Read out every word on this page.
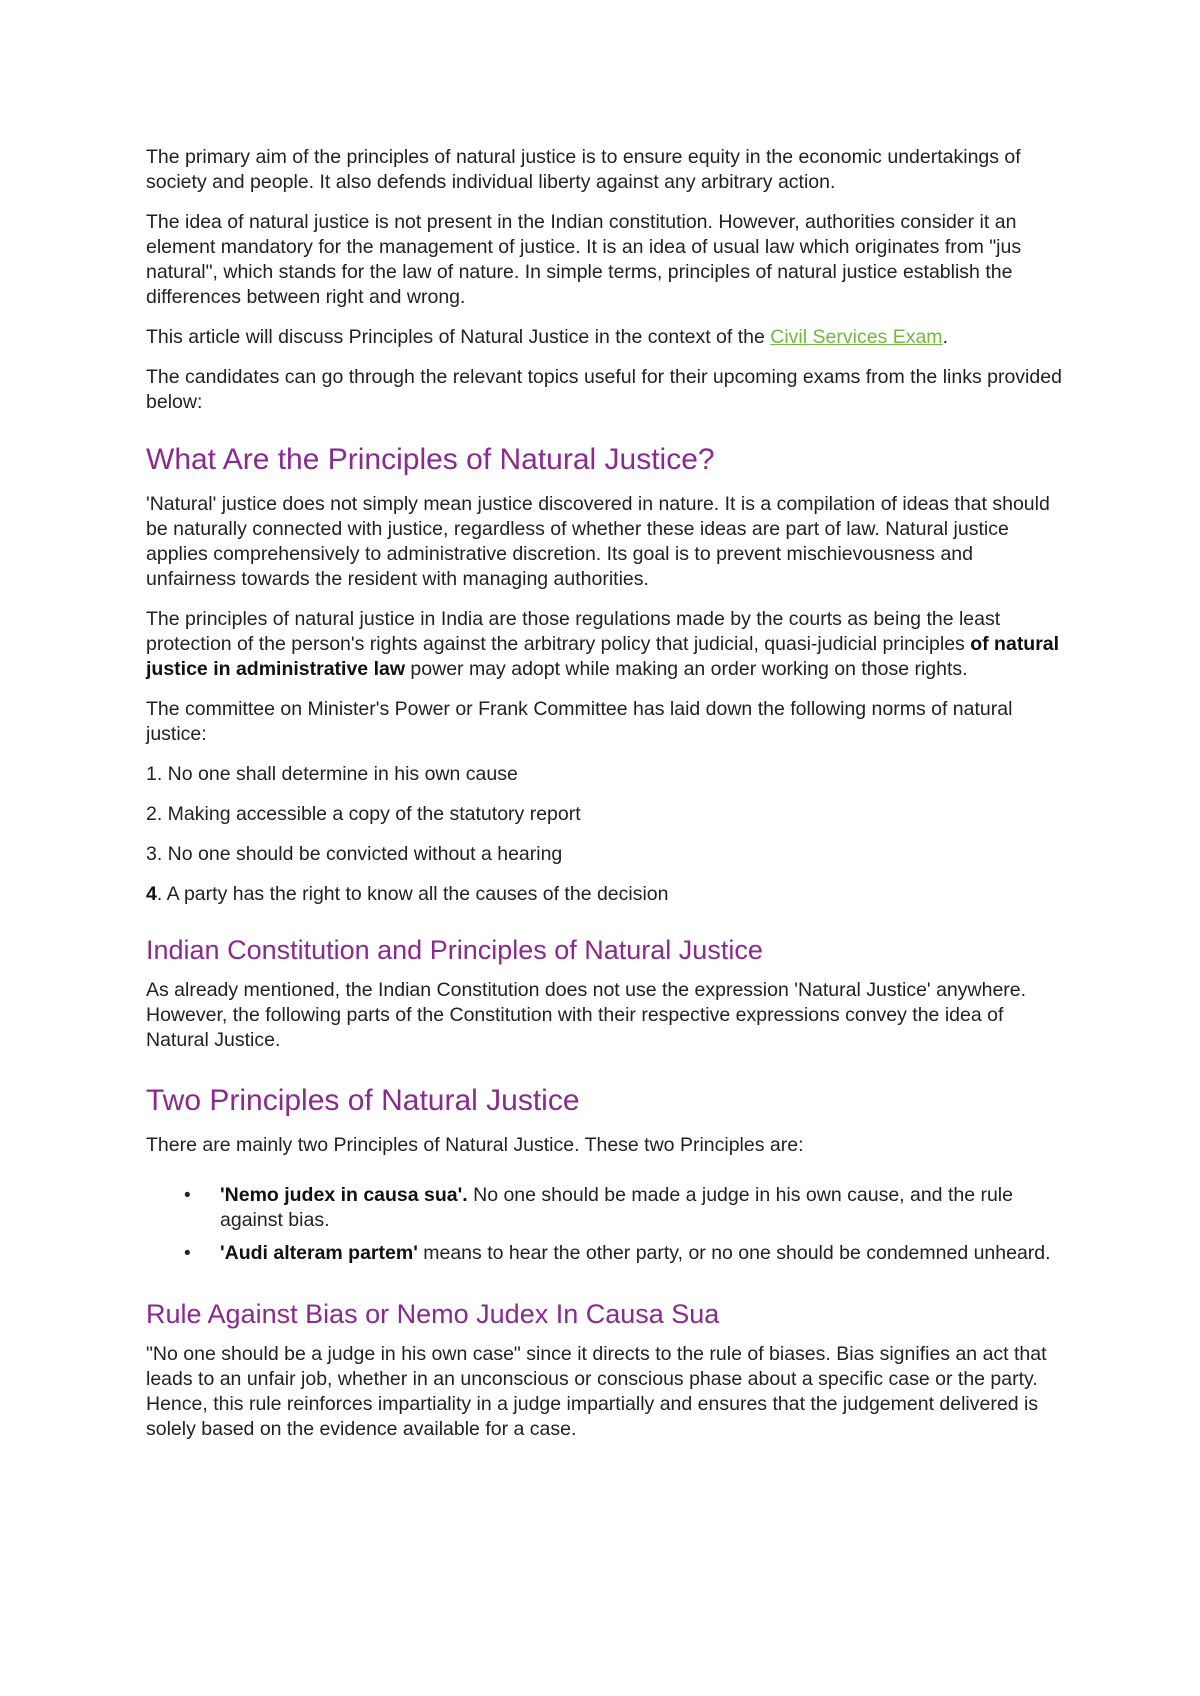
The primary aim of the principles of natural justice is to ensure equity in the economic undertakings of society and people. It also defends individual liberty against any arbitrary action.

The idea of natural justice is not present in the Indian constitution. However, authorities consider it an element mandatory for the management of justice. It is an idea of usual law which originates from "jus natural", which stands for the law of nature. In simple terms, principles of natural justice establish the differences between right and wrong.

This article will discuss Principles of Natural Justice in the context of the Civil Services Exam.

The candidates can go through the relevant topics useful for their upcoming exams from the links provided below:

What Are the Principles of Natural Justice?

'Natural' justice does not simply mean justice discovered in nature. It is a compilation of ideas that should be naturally connected with justice, regardless of whether these ideas are part of law. Natural justice applies comprehensively to administrative discretion. Its goal is to prevent mischievousness and unfairness towards the resident with managing authorities.

The principles of natural justice in India are those regulations made by the courts as being the least protection of the person's rights against the arbitrary policy that judicial, quasi-judicial principles of natural justice in administrative law power may adopt while making an order working on those rights.

The committee on Minister's Power or Frank Committee has laid down the following norms of natural justice:

1. No one shall determine in his own cause

2. Making accessible a copy of the statutory report

3. No one should be convicted without a hearing

4. A party has the right to know all the causes of the decision

Indian Constitution and Principles of Natural Justice

As already mentioned, the Indian Constitution does not use the expression 'Natural Justice' anywhere. However, the following parts of the Constitution with their respective expressions convey the idea of Natural Justice.

Two Principles of Natural Justice

There are mainly two Principles of Natural Justice. These two Principles are:

• 'Nemo judex in causa sua'. No one should be made a judge in his own cause, and the rule against bias.
• 'Audi alteram partem' means to hear the other party, or no one should be condemned unheard.
Rule Against Bias or Nemo Judex In Causa Sua

"No one should be a judge in his own case" since it directs to the rule of biases. Bias signifies an act that leads to an unfair job, whether in an unconscious or conscious phase about a specific case or the party. Hence, this rule reinforces impartiality in a judge impartially and ensures that the judgement delivered is solely based on the evidence available for a case.
